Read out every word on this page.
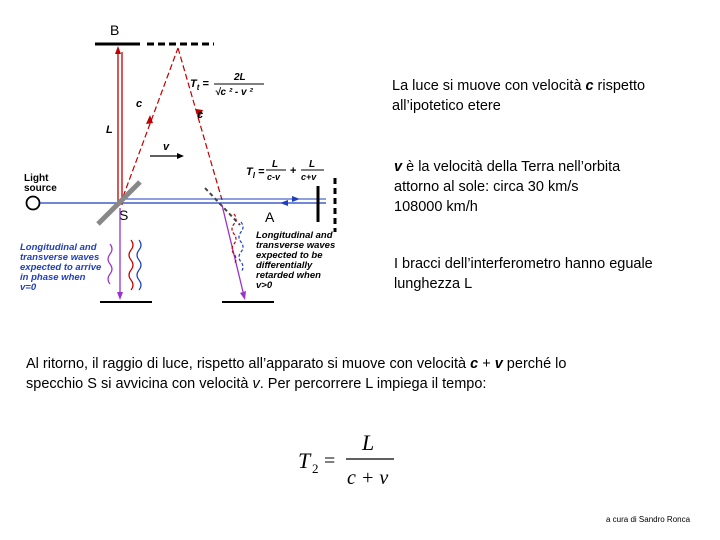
B
c
c
L
v
$T_t$ =
2L
√c ² - v ²
Light
source
S	A
$T_l$ =
L
c-v +
L
c+v
Longitudinal and
transverse waves
expected to arrive
in phase when
v=0
Longitudinal and
transverse waves
expected to be
differentially
retarded when
v>0
La luce si muove con velocità c rispetto
all’ipotetico etere
v è la velocità della Terra nell’orbita
attorno al sole: circa 30 km/s
108000 km/h
I bracci dell’interferometro hanno eguale
lunghezza L
Al ritorno, il raggio di luce, rispetto all’apparato si muove con velocità c + v perché lo
specchio S si avvicina con velocità v. Per percorrere L impiega il tempo:
T 2 =
L
c + v
a cura di Sandro Ronca
